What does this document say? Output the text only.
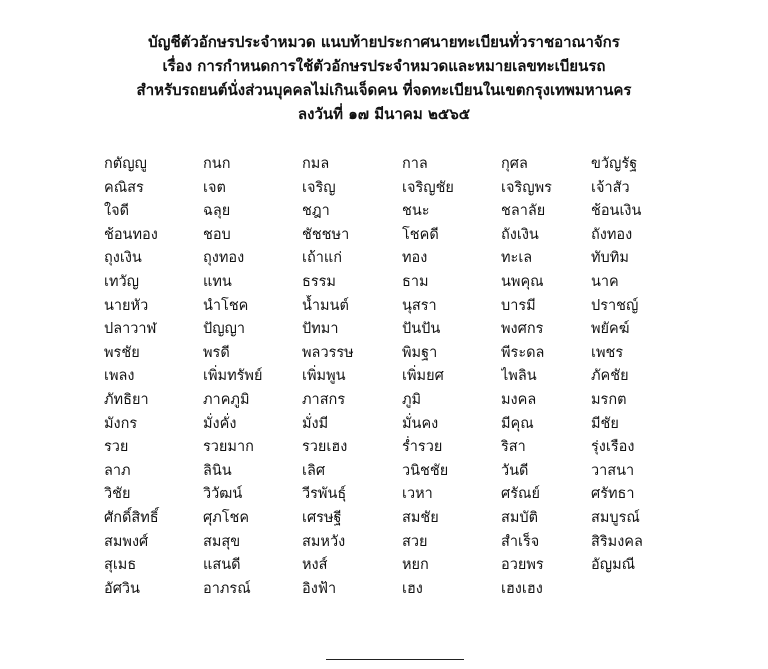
บัญชีตัวอักษรประจำหมวด แนบท้ายประกาศนายทะเบียนทั่วราชอาณาจักร
เรื่อง การกำหนดการใช้ตัวอักษรประจำหมวดและหมายเลขทะเบียนรถ
สำหรับรถยนต์นั่งส่วนบุคคลไม่เกินเจ็ดคน ที่จดทะเบียนในเขตกรุงเทพมหานคร
ลงวันที่ ๑๗ มีนาคม ๒๕๖๕
กตัญญู	กนก	กมล	กาล	กุศล	ขวัญรัฐ
คณิสร	เจต	เจริญ	เจริญชัย	เจริญพร	เจ้าสัว
ใจดี	ฉลุย	ชฎา	ชนะ	ชลาลัย	ช้อนเงิน
ช้อนทอง	ชอบ	ชัชชษา	โชคดี	ถังเงิน	ถังทอง
ถุงเงิน	ถุงทอง	เถ้าแก่	ทอง	ทะเล	ทับทิม
เทวัญ	แทน	ธรรม	ธาม	นพคุณ	นาค
นายหัว	นำโชค	น้ำมนต์	นุสรา	บารมี	ปราชญ์
ปลาวาฬ	ปัญญา	ปัทมา	ปันปัน	พงศกร	พยัคฆ์
พรชัย	พรดี	พลวรรษ	พิมฐา	พีระดล	เพชร
เพลง	เพิ่มทรัพย์	เพิ่มพูน	เพิ่มยศ	ไพลิน	ภัคชัย
ภัทธิยา	ภาคภูมิ	ภาสกร	ภูมิ	มงคล	มรกต
มังกร	มั่งคั่ง	มั่งมี	มั่นคง	มีคุณ	มีชัย
รวย	รวยมาก	รวยเฮง	ร่ำรวย	ริสา	รุ่งเรือง
ลาภ	ลินิน	เลิศ	วนิชชัย	วันดี	วาสนา
วิชัย	วิวัฒน์	วีรพันธุ์	เวหา	ศรัณย์	ศรัทธา
ศักดิ์สิทธิ์	ศุภโชค	เศรษฐี	สมชัย	สมบัติ	สมบูรณ์
สมพงศ์	สมสุข	สมหวัง	สวย	สำเร็จ	สิริมงคล
สุเมธ	แสนดี	หงส์	หยก	อวยพร	อัญมณี
อัศวิน	อาภรณ์	อิงฟ้า	เฮง	เฮงเฮง
